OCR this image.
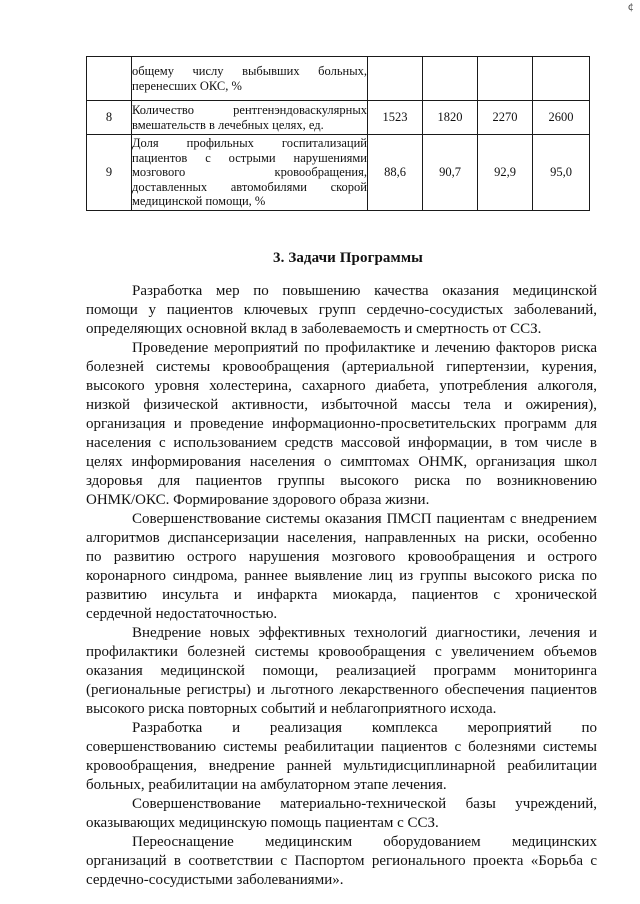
¢

	общему числу выбывших больных,
перенесших ОКС, %				

8	Количество рентгенэндоваскулярных
вмешательств в лечебных целях, ед.	1523	1820	2270	2600
9	Доля профильных госпитализаций
пациентов с острыми нарушениями
мозгового кровообращения,
доставленных автомобилями скорой
медицинской помощи, %	88,6	90,7	92,9	95,0
3. Задачи Программы

Разработка мер по повышению качества оказания медицинской
помощи у пациентов ключевых групп сердечно-сосудистых заболеваний,
определяющих основной вклад в заболеваемость и смертность от ССЗ.

Проведение мероприятий по профилактике и лечению факторов риска
болезней системы кровообращения (артериальной гипертензии, курения,
высокого уровня холестерина, сахарного диабета, употребления алкоголя,
низкой физической активности, избыточной массы тела и ожирения),
организация и проведение информационно-просветительских программ для
населения с использованием средств массовой информации, в том числе в
целях информирования населения о симптомах ОНМК, организация школ
здоровья для пациентов группы высокого риска по возникновению
ОНМК/ОКС. Формирование здорового образа жизни.

Совершенствование системы оказания ПМСП пациентам с внедрением
алгоритмов диспансеризации населения, направленных на риски, особенно
по развитию острого нарушения мозгового кровообращения и острого
коронарного синдрома, раннее выявление лиц из группы высокого риска по
развитию инсульта и инфаркта миокарда, пациентов с хронической
сердечной недостаточностью.

Внедрение новых эффективных технологий диагностики, лечения и
профилактики болезней системы кровообращения с увеличением объемов
оказания медицинской помощи, реализацией программ мониторинга
(региональные регистры) и льготного лекарственного обеспечения пациентов
высокого риска повторных событий и неблагоприятного исхода.

Разработка и реализация комплекса мероприятий по
совершенствованию системы реабилитации пациентов с болезнями системы
кровообращения, внедрение ранней мультидисциплинарной реабилитации
больных, реабилитации на амбулаторном этапе лечения.

Совершенствование материально-технической базы учреждений,
оказывающих медицинскую помощь пациентам с ССЗ.

Переоснащение медицинским оборудованием медицинских
организаций в соответствии с Паспортом регионального проекта «Борьба с
сердечно-сосудистыми заболеваниями».
